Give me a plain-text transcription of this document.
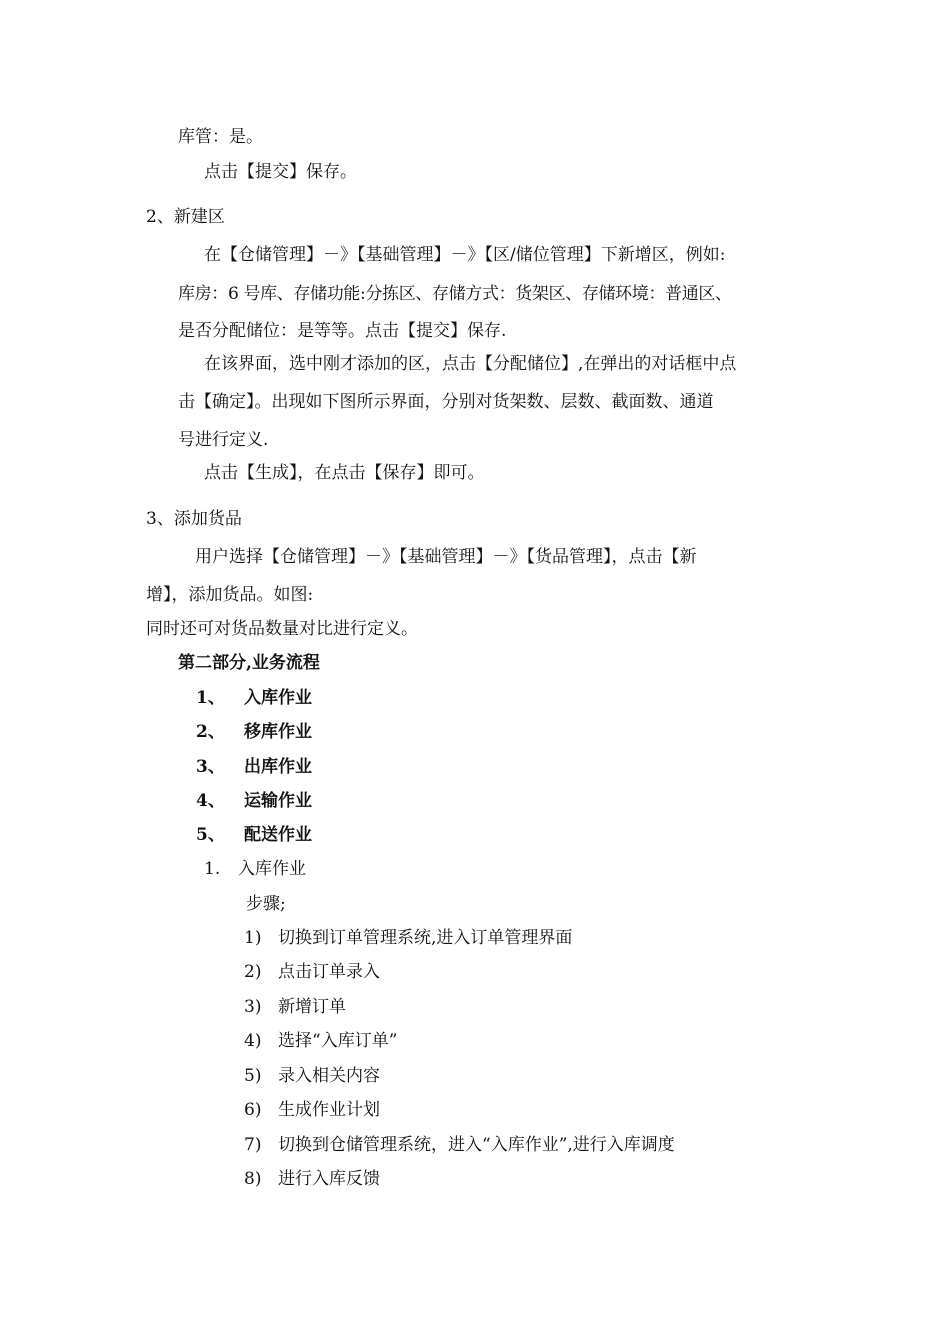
库管：是。
点击【提交】保存。
2、新建区
在【仓储管理】－》【基础管理】－》【区/储位管理】下新增区，例如:
库房：6 号库、存储功能:分拣区、存储方式：货架区、存储环境：普通区、
是否分配储位：是等等。点击【提交】保存.
在该界面，选中刚才添加的区，点击【分配储位】,在弹出的对话框中点
击【确定】。出现如下图所示界面，分别对货架数、层数、截面数、通道
号进行定义.
点击【生成】，在点击【保存】即可。
3、添加货品
用户选择【仓储管理】－》【基础管理】－》【货品管理】，点击【新
增】，添加货品。如图:
同时还可对货品数量对比进行定义。
第二部分,业务流程
1、 入库作业
2、 移库作业
3、 出库作业
4、 运输作业
5、 配送作业
1. 入库作业
步骤;
1) 切换到订单管理系统,进入订单管理界面
2) 点击订单录入
3) 新增订单
4) 选择“入库订单”
5) 录入相关内容
6) 生成作业计划
7) 切换到仓储管理系统，进入“入库作业”,进行入库调度
8) 进行入库反馈
